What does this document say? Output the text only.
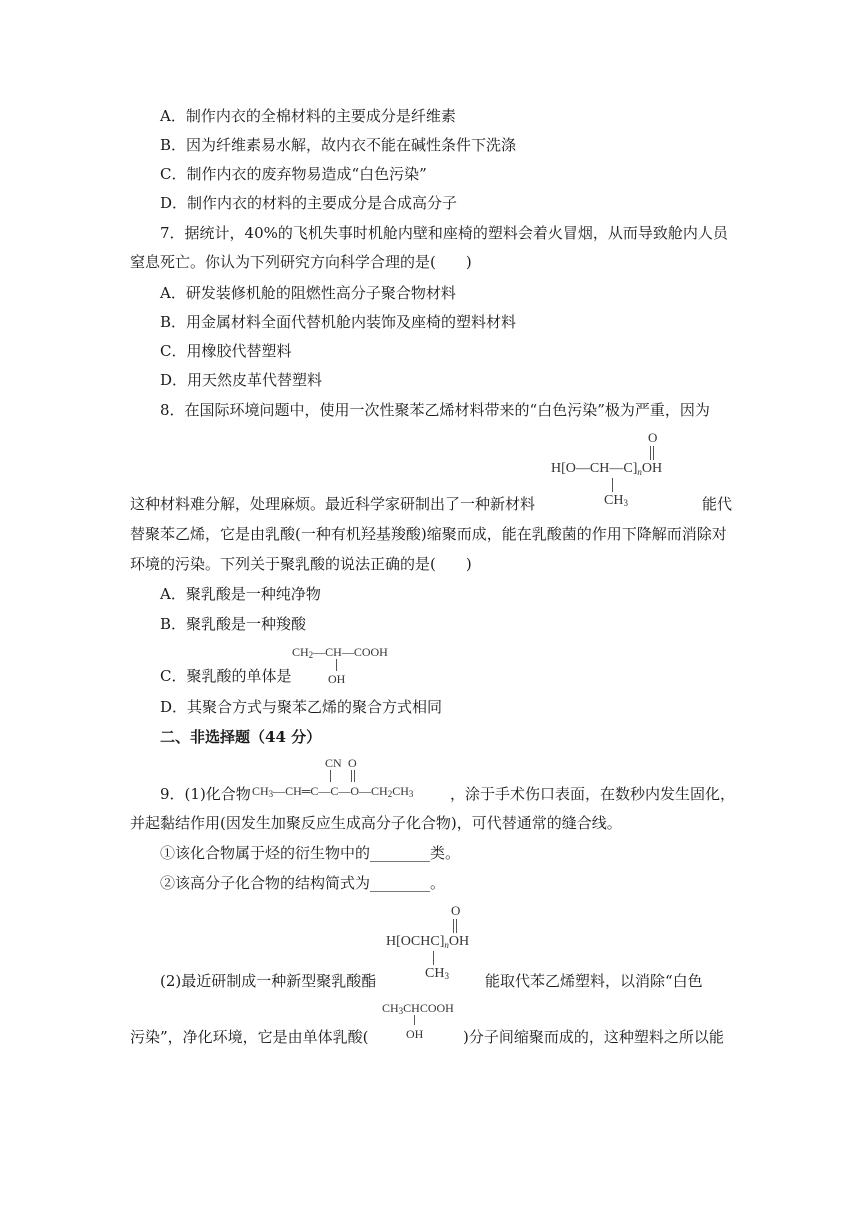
A．制作内衣的全棉材料的主要成分是纤维素
B．因为纤维素易水解，故内衣不能在碱性条件下洗涤
C．制作内衣的废弃物易造成“白色污染”
D．制作内衣的材料的主要成分是合成高分子
7．据统计，40%的飞机失事时机舱内壁和座椅的塑料会着火冒烟，从而导致舱内人员
窒息死亡。你认为下列研究方向科学合理的是(　　)
A．研发装修机舱的阻燃性高分子聚合物材料
B．用金属材料全面代替机舱内装饰及座椅的塑料材料
C．用橡胶代替塑料
D．用天然皮革代替塑料
8．在国际环境问题中，使用一次性聚苯乙烯材料带来的“白色污染”极为严重，因为
O
$H[O—CH—C]_nOH$
$CH_3$
这种材料难分解，处理麻烦。最近科学家研制出了一种新材料	能代
替聚苯乙烯，它是由乳酸(一种有机羟基羧酸)缩聚而成，能在乳酸菌的作用下降解而消除对
环境的污染。下列关于聚乳酸的说法正确的是(　　)
A．聚乳酸是一种纯净物
B．聚乳酸是一种羧酸
$CH_2—CH—COOH$
OH
C．聚乳酸的单体是
D．其聚合方式与聚苯乙烯的聚合方式相同
二、非选择题（44 分）
CN O
$CH_3—CH═C—C—O—CH_2CH_3$
9．(1)化合物	，涂于手术伤口表面，在数秒内发生固化，
并起黏结作用(因发生加聚反应生成高分子化合物)，可代替通常的缝合线。
①该化合物属于烃的衍生物中的________类。
②该高分子化合物的结构简式为________。
O
$H[OCHC]_nOH$
$CH_3$
(2)最近研制成一种新型聚乳酸酯	能取代苯乙烯塑料，以消除“白色
$CH_3CHCOOH$
OH
污染”，净化环境，它是由单体乳酸(	)分子间缩聚而成的，这种塑料之所以能
